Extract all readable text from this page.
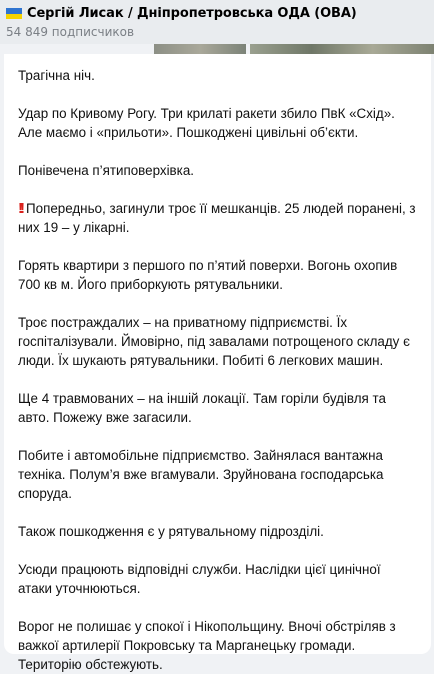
Сергій Лисак / Дніпропетровська ОДА (ОВА)
54 849 подписчиков

Трагічна ніч.

Удар по Кривому Рогу. Три крилаті ракети збило ПвК «Схід». Але маємо і «прильоти». Пошкоджені цивільні об’єкти.

Понівечена п’ятиповерхівка.

!! Попередньо, загинули троє її мешканців. 25 людей поранені, з них 19 – у лікарні.

Горять квартири з першого по п’ятий поверхи. Вогонь охопив 700 кв м. Його приборкують рятувальники.

Троє постраждалих – на приватному підприємстві. Їх госпіталізували. Ймовірно, під завалами потрощеного складу є люди. Їх шукають рятувальники. Побиті 6 легкових машин.

Ще 4 травмованих – на іншій локації. Там горіли будівля та авто. Пожежу вже загасили.

Побите і автомобільне підприємство. Зайнялася вантажна техніка. Полум’я вже вгамували. Зруйнована господарська споруда.

Також пошкодження є у рятувальному підрозділі.

Усюди працюють відповідні служби. Наслідки цієї цинічної атаки уточнюються.

Ворог не полишає у спокої і Нікопольщину. Вночі обстріляв з важкої артилерії Покровську та Марганецьку громади. Територію обстежують.
